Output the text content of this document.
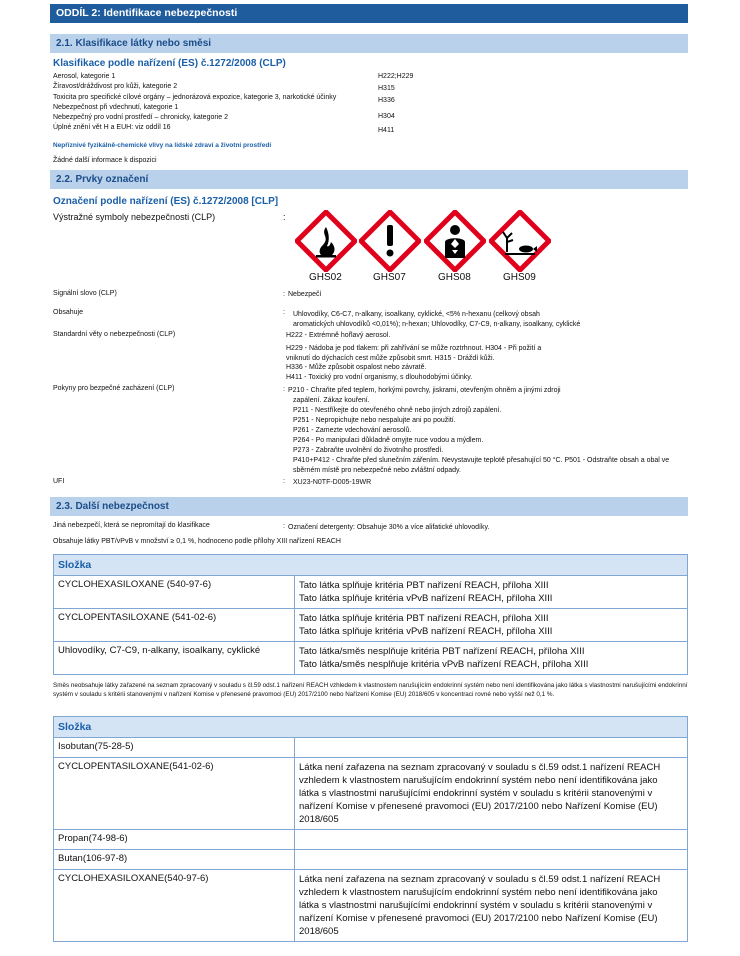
ODDÍL 2: Identifikace nebezpečnosti
2.1. Klasifikace látky nebo směsi
Klasifikace podle nařízení (ES) č.1272/2008 (CLP)
Aerosol, kategorie 1	H222;H229
Žíravost/dráždivost pro kůži, kategorie 2	H315
Toxicita pro specifické cílové orgány – jednorázová expozice, kategorie 3, narkotické účinky	H336
Nebezpečnost při vdechnutí, kategorie 1
Nebezpečný pro vodní prostředí – chronicky, kategorie 2	H304
Úplné znění vět H a EUH: viz oddíl 16	H411
Nepříznivé fyzikálně-chemické vlivy na lidské zdraví a životní prostředí
Žádné další informace k dispozici
2.2. Prvky označení
Označení podle nařízení (ES) č.1272/2008 [CLP]
Výstražné symboly nebezpečnosti (CLP)	:
GHS02	GHS07	GHS08	GHS09
Signální slovo (CLP)	: Nebezpečí
Obsahuje	: Uhlovodíky, C6-C7, n-alkany, isoalkany, cyklické, <5% n-hexanu (celkový obsah
aromatických uhlovodíků <0,01%); n-hexan; Uhlovodíky, C7-C9, n-alkany, isoalkany, cyklické
Standardní věty o nebezpečnosti (CLP)	H222 - Extrémně hořlavý aerosol.
H229 - Nádoba je pod tlakem: při zahřívání se může roztrhnout. H304 - Při požití a
vniknutí do dýchacích cest může způsobit smrt. H315 - Dráždí kůži.
H336 - Může způsobit ospalost nebo závratě.
H411 - Toxický pro vodní organismy, s dlouhodobými účinky.
Pokyny pro bezpečné zacházení (CLP)	: P210 - Chraňte před teplem, horkými povrchy, jiskrami, otevřeným ohněm a jinými zdroji
zapálení. Zákaz kouření.
P211 - Nestříkejte do otevřeného ohně nebo jiných zdrojů zapálení.
P251 - Nepropichujte nebo nespalujte ani po použití.
P261 - Zamezte vdechování aerosolů.
P264 - Po manipulaci důkladně omyjte ruce vodou a mýdlem.
P273 - Zabraňte uvolnění do životního prostředí.
P410+P412 - Chraňte před slunečním zářením. Nevystavujte teplotě přesahující 50 °C. P501 - Odstraňte obsah a obal ve
sběrném místě pro nebezpečné nebo zvláštní odpady.
UFI	: XU23-N0TF-D005-19WR
2.3. Další nebezpečnost
Jiná nebezpečí, která se nepromítají do klasifikace	: Označení detergenty: Obsahuje 30% a více alifatické uhlovodíky.
Obsahuje látky PBT/vPvB v množství ≥ 0,1 %, hodnoceno podle přílohy XIII nařízení REACH
Složka	
CYCLOHEXASILOXANE (540-97-6)	Tato látka splňuje kritéria PBT nařízení REACH, příloha XIII
Tato látka splňuje kritéria vPvB nařízení REACH, příloha XIII

CYCLOPENTASILOXANE (541-02-6)	Tato látka splňuje kritéria PBT nařízení REACH, příloha XIII
Tato látka splňuje kritéria vPvB nařízení REACH, příloha XIII

Uhlovodíky, C7-C9, n-alkany, isoalkany, cyklické	Tato látka/směs nesplňuje kritéria PBT nařízení REACH, příloha XIII
Tato látka/směs nesplňuje kritéria vPvB nařízení REACH, příloha XIII
Směs neobsahuje látky zařazené na seznam zpracovaný v souladu s čl.59 odst.1 nařízení REACH vzhledem k vlastnostem narušujícím endokrinní systém nebo není identifikována jako látka s vlastnostmi narušujícími endokrinní systém v souladu s kritérii stanovenými v nařízení Komise v přenesené pravomoci (EU) 2017/2100 nebo Nařízení Komise (EU) 2018/605 v koncentraci rovné nebo vyšší než 0,1 %.
Složka	
Isobutan(75-28-5)	
CYCLOPENTASILOXANE(541-02-6)	Látka není zařazena na seznam zpracovaný v souladu s čl.59 odst.1 nařízení REACH
vzhledem k vlastnostem narušujícím endokrinní systém nebo není identifikována jako
látka s vlastnostmi narušujícími endokrinní systém v souladu s kritérii stanovenými v
nařízení Komise v přenesené pravomoci (EU) 2017/2100 nebo Nařízení Komise (EU)
2018/605

Propan(74-98-6)	
Butan(106-97-8)	
CYCLOHEXASILOXANE(540-97-6)	Látka není zařazena na seznam zpracovaný v souladu s čl.59 odst.1 nařízení REACH
vzhledem k vlastnostem narušujícím endokrinní systém nebo není identifikována jako
látka s vlastnostmi narušujícími endokrinní systém v souladu s kritérii stanovenými v
nařízení Komise v přenesené pravomoci (EU) 2017/2100 nebo Nařízení Komise (EU)
2018/605
